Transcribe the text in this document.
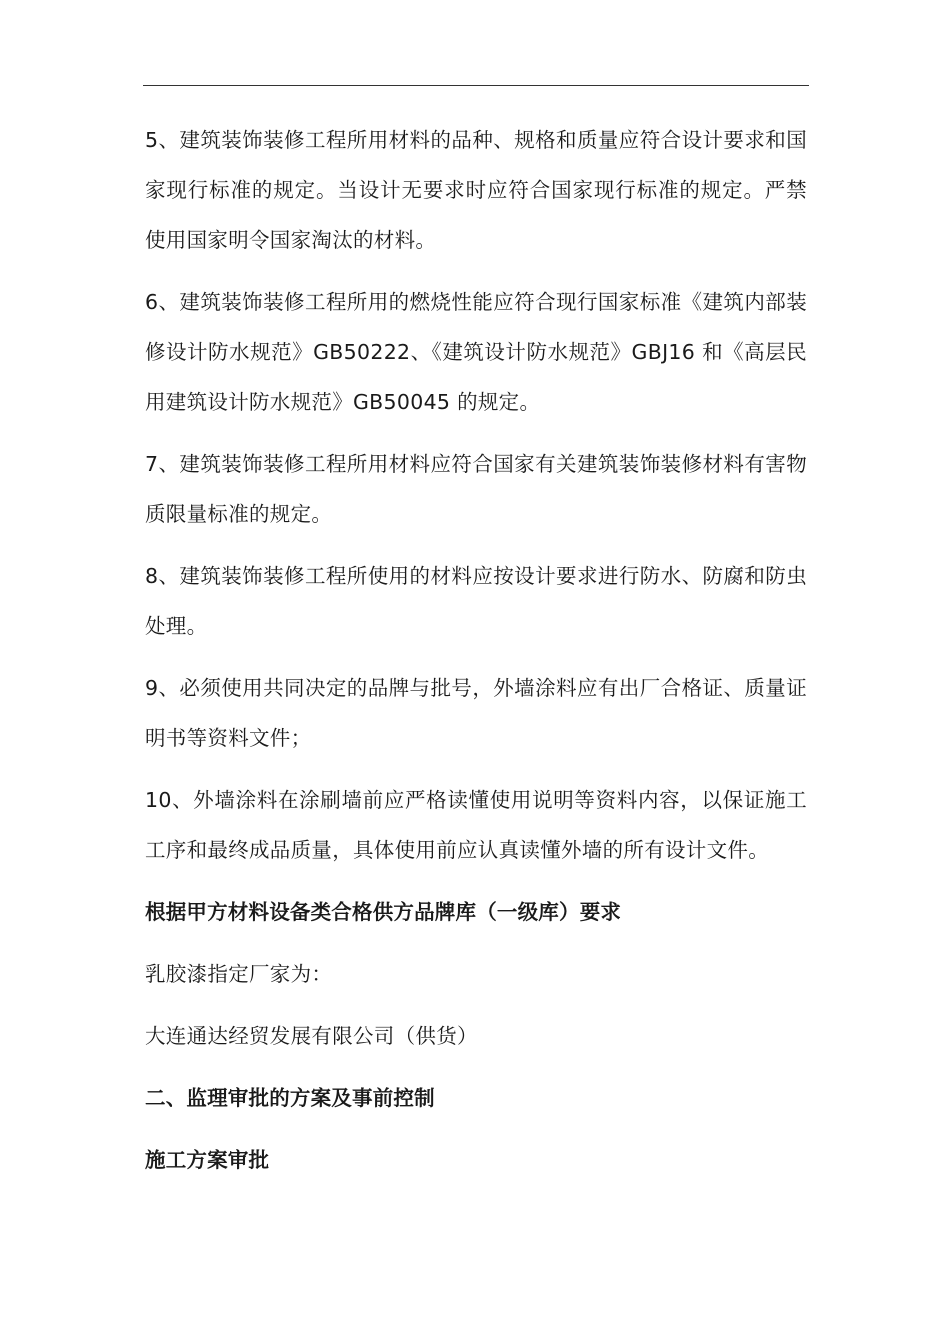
5、建筑装饰装修工程所用材料的品种、规格和质量应符合设计要求和国家现行标准的规定。当设计无要求时应符合国家现行标准的规定。严禁使用国家明令国家淘汰的材料。

6、建筑装饰装修工程所用的燃烧性能应符合现行国家标准《建筑内部装修设计防水规范》GB50222、《建筑设计防水规范》GBJ16 和《高层民用建筑设计防水规范》GB50045 的规定。

7、建筑装饰装修工程所用材料应符合国家有关建筑装饰装修材料有害物质限量标准的规定。

8、建筑装饰装修工程所使用的材料应按设计要求进行防水、防腐和防虫处理。

9、必须使用共同决定的品牌与批号，外墙涂料应有出厂合格证、质量证明书等资料文件；

10、外墙涂料在涂刷墙前应严格读懂使用说明等资料内容，以保证施工工序和最终成品质量，具体使用前应认真读懂外墙的所有设计文件。

根据甲方材料设备类合格供方品牌库（一级库）要求

乳胶漆指定厂家为：

大连通达经贸发展有限公司（供货）

二、监理审批的方案及事前控制

施工方案审批
